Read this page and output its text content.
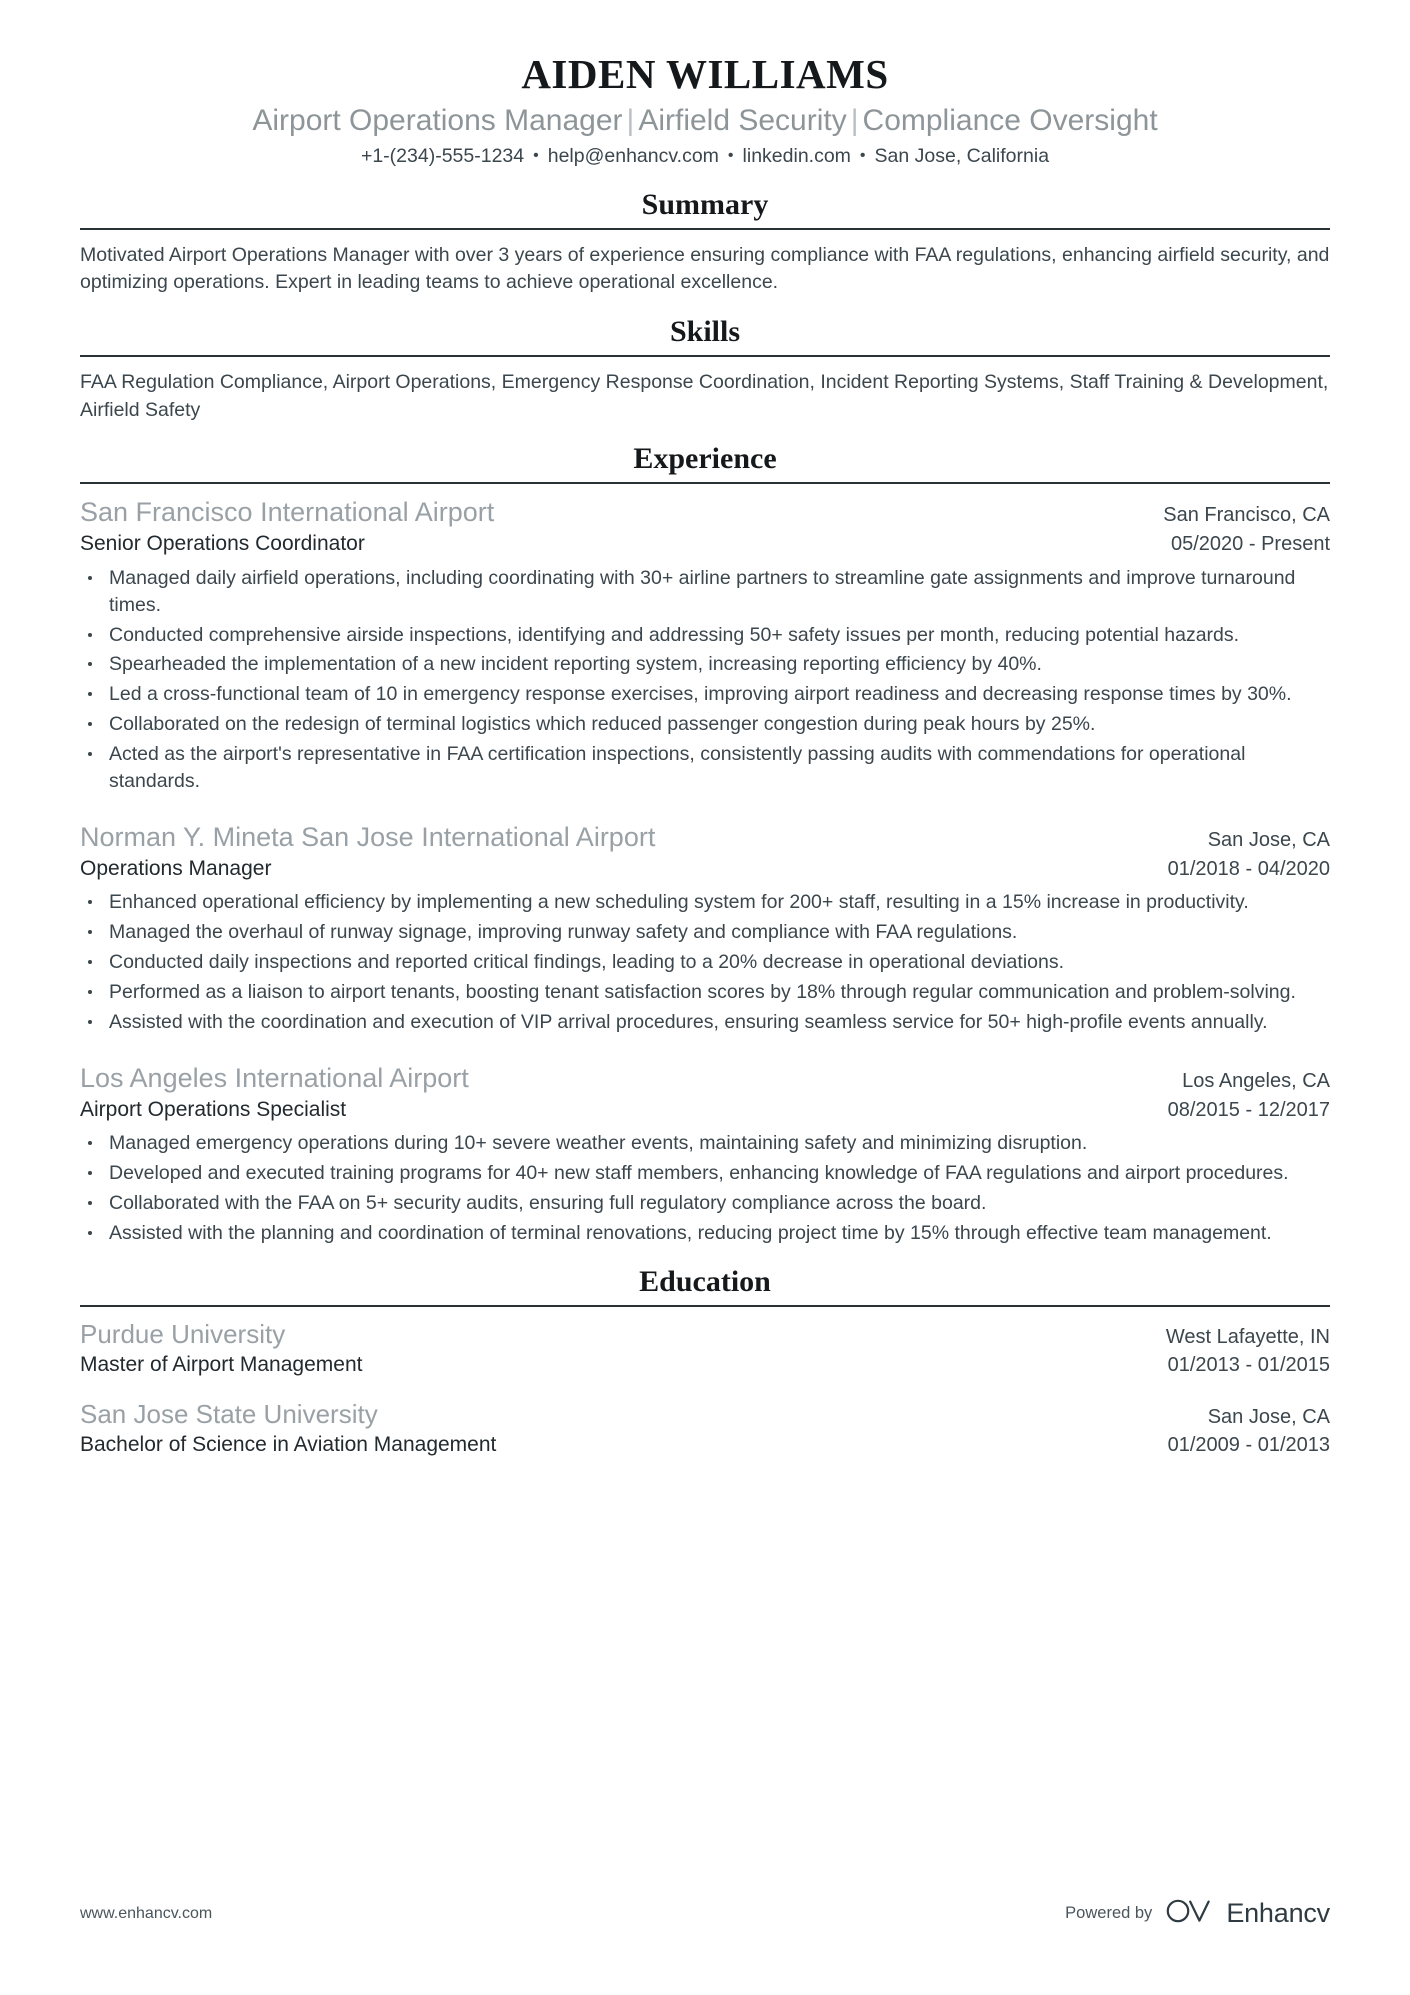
AIDEN WILLIAMS
Airport Operations Manager | Airfield Security | Compliance Oversight
+1-(234)-555-1234 • help@enhancv.com • linkedin.com • San Jose, California
Summary

Motivated Airport Operations Manager with over 3 years of experience ensuring compliance with FAA regulations, enhancing airfield security, and optimizing operations. Expert in leading teams to achieve operational excellence.

Skills

FAA Regulation Compliance, Airport Operations, Emergency Response Coordination, Incident Reporting Systems, Staff Training & Development, Airfield Safety

Experience
San Francisco International Airport	San Francisco, CA
Senior Operations Coordinator	05/2020 - Present
Managed daily airfield operations, including coordinating with 30+ airline partners to streamline gate assignments and improve turnaround times.
Conducted comprehensive airside inspections, identifying and addressing 50+ safety issues per month, reducing potential hazards.
Spearheaded the implementation of a new incident reporting system, increasing reporting efficiency by 40%.
Led a cross-functional team of 10 in emergency response exercises, improving airport readiness and decreasing response times by 30%.
Collaborated on the redesign of terminal logistics which reduced passenger congestion during peak hours by 25%.
Acted as the airport's representative in FAA certification inspections, consistently passing audits with commendations for operational standards.
Norman Y. Mineta San Jose International Airport	San Jose, CA
Operations Manager	01/2018 - 04/2020
Enhanced operational efficiency by implementing a new scheduling system for 200+ staff, resulting in a 15% increase in productivity.
Managed the overhaul of runway signage, improving runway safety and compliance with FAA regulations.
Conducted daily inspections and reported critical findings, leading to a 20% decrease in operational deviations.
Performed as a liaison to airport tenants, boosting tenant satisfaction scores by 18% through regular communication and problem-solving.
Assisted with the coordination and execution of VIP arrival procedures, ensuring seamless service for 50+ high-profile events annually.
Los Angeles International Airport	Los Angeles, CA
Airport Operations Specialist	08/2015 - 12/2017
Managed emergency operations during 10+ severe weather events, maintaining safety and minimizing disruption.
Developed and executed training programs for 40+ new staff members, enhancing knowledge of FAA regulations and airport procedures.
Collaborated with the FAA on 5+ security audits, ensuring full regulatory compliance across the board.
Assisted with the planning and coordination of terminal renovations, reducing project time by 15% through effective team management.
Education
Purdue University	West Lafayette, IN
Master of Airport Management	01/2013 - 01/2015
San Jose State University	San Jose, CA
Bachelor of Science in Aviation Management	01/2009 - 01/2013
www.enhancv.com	Powered by	Enhancv
